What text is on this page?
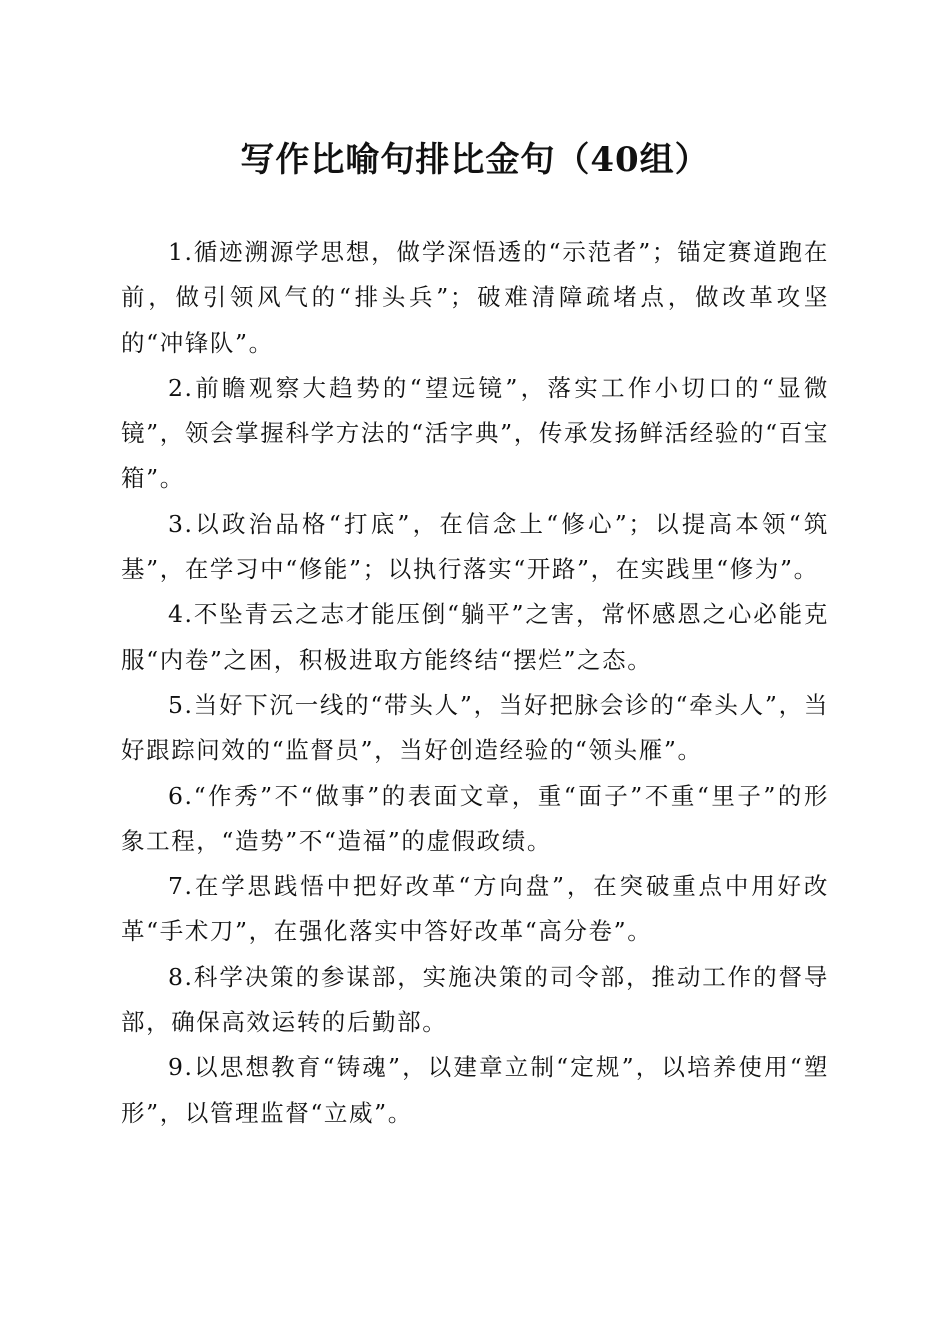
写作比喻句排比金句（40组）

1.循迹溯源学思想，做学深悟透的“示范者”；锚定赛道跑在前，做引领风气的“排头兵”；破难清障疏堵点，做改革攻坚的“冲锋队”。

2.前瞻观察大趋势的“望远镜”，落实工作小切口的“显微镜”，领会掌握科学方法的“活字典”，传承发扬鲜活经验的“百宝箱”。

3.以政治品格“打底”，在信念上“修心”；以提高本领“筑基”，在学习中“修能”；以执行落实“开路”，在实践里“修为”。

4.不坠青云之志才能压倒“躺平”之害，常怀感恩之心必能克服“内卷”之困，积极进取方能终结“摆烂”之态。

5.当好下沉一线的“带头人”，当好把脉会诊的“牵头人”，当好跟踪问效的“监督员”，当好创造经验的“领头雁”。

6.“作秀”不“做事”的表面文章，重“面子”不重“里子”的形象工程，“造势”不“造福”的虚假政绩。

7.在学思践悟中把好改革“方向盘”，在突破重点中用好改革“手术刀”，在强化落实中答好改革“高分卷”。

8.科学决策的参谋部，实施决策的司令部，推动工作的督导部，确保高效运转的后勤部。

9.以思想教育“铸魂”，以建章立制“定规”，以培养使用“塑形”，以管理监督“立威”。
